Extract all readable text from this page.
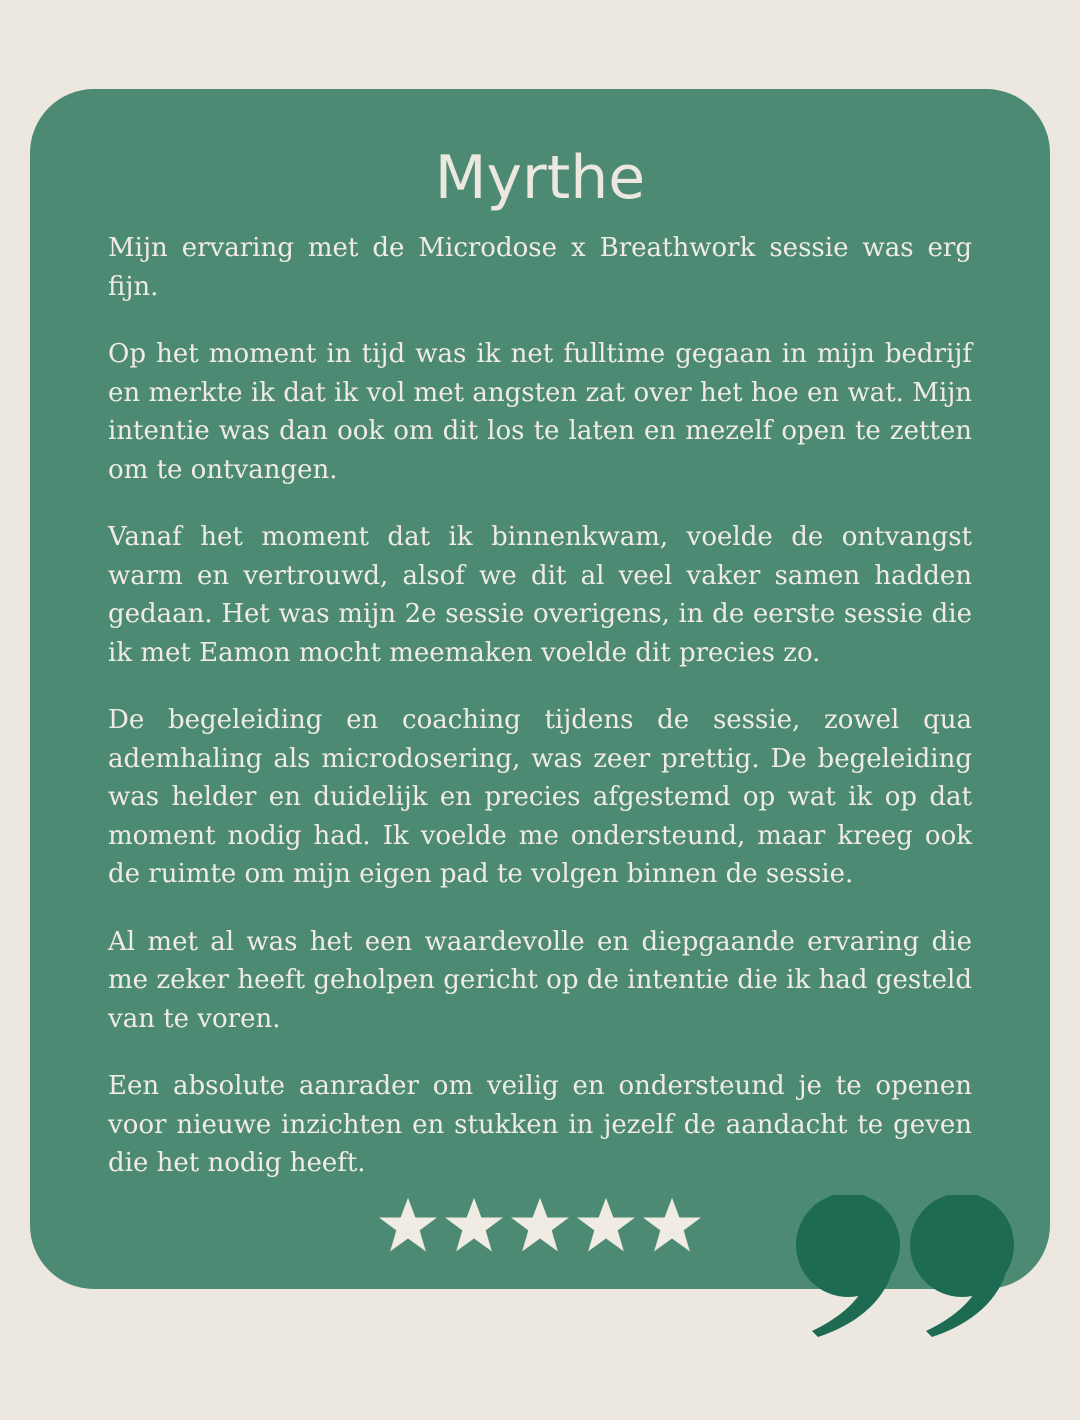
Myrthe

Mijn ervaring met de Microdose x Breathwork sessie was erg fijn.

Op het moment in tijd was ik net fulltime gegaan in mijn bedrijf en merkte ik dat ik vol met angsten zat over het hoe en wat. Mijn intentie was dan ook om dit los te laten en mezelf open te zetten om te ontvangen.

Vanaf het moment dat ik binnenkwam, voelde de ontvangst warm en vertrouwd, alsof we dit al veel vaker samen hadden gedaan. Het was mijn 2e sessie overigens, in de eerste sessie die ik met Eamon mocht meemaken voelde dit precies zo.

De begeleiding en coaching tijdens de sessie, zowel qua ademhaling als microdosering, was zeer prettig. De begeleiding was helder en duidelijk en precies afgestemd op wat ik op dat moment nodig had. Ik voelde me ondersteund, maar kreeg ook de ruimte om mijn eigen pad te volgen binnen de sessie.

Al met al was het een waardevolle en diepgaande ervaring die me zeker heeft geholpen gericht op de intentie die ik had gesteld van te voren.

Een absolute aanrader om veilig en ondersteund je te openen voor nieuwe inzichten en stukken in jezelf de aandacht te geven die het nodig heeft.
